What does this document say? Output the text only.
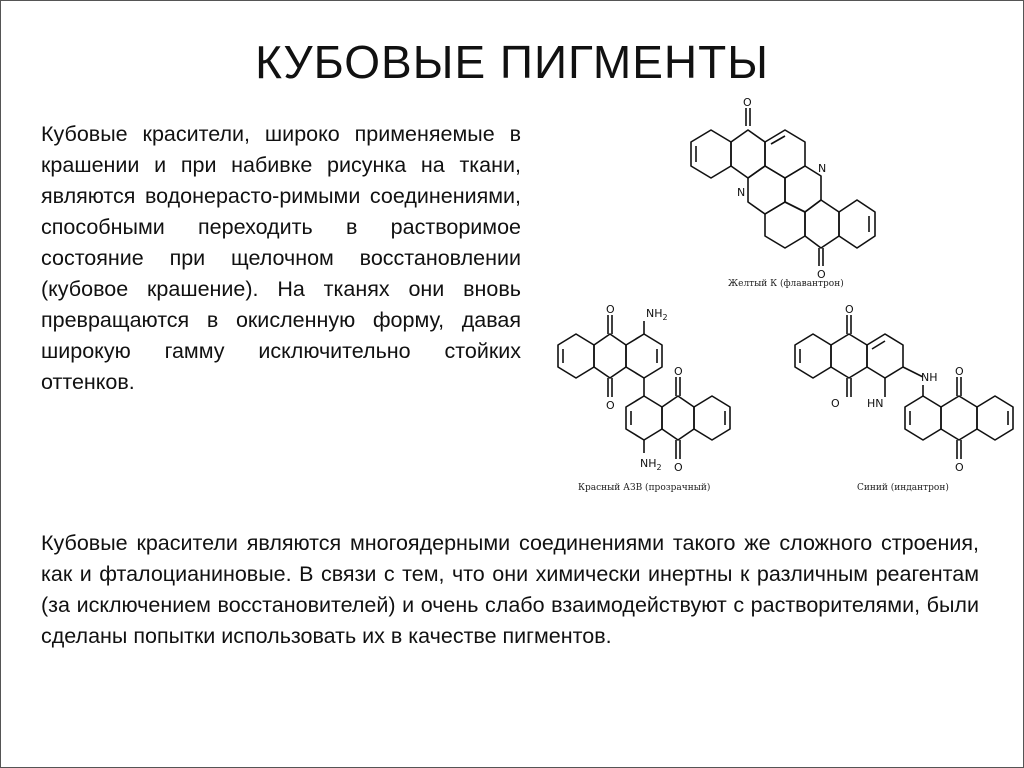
КУБОВЫЕ ПИГМЕНТЫ
Кубовые красители, широко применяемые в крашении и при набивке рисунка на ткани, являются водонерасто-римыми соединениями, способными переходить в растворимое состояние при щелочном восстановлении (кубовое крашение). На тканях они вновь превращаются в окисленную форму, давая широкую гамму исключительно стойких оттенков.
O
O
N
N
Желтый К (флавантрон)
$NH_2$
$NH_2$
O
O
O
O
Красный АЗВ (прозрачный)
NH
HN
O
O
O
O
Синий (индантрон)
Кубовые красители являются многоядерными соединениями такого же сложного строения, как и фталоцианиновые. В связи с тем, что они химически инертны к различным реагентам (за исключением восстановителей) и очень слабо взаимодействуют с растворителями, были сделаны попытки использовать их в качестве пигментов.
